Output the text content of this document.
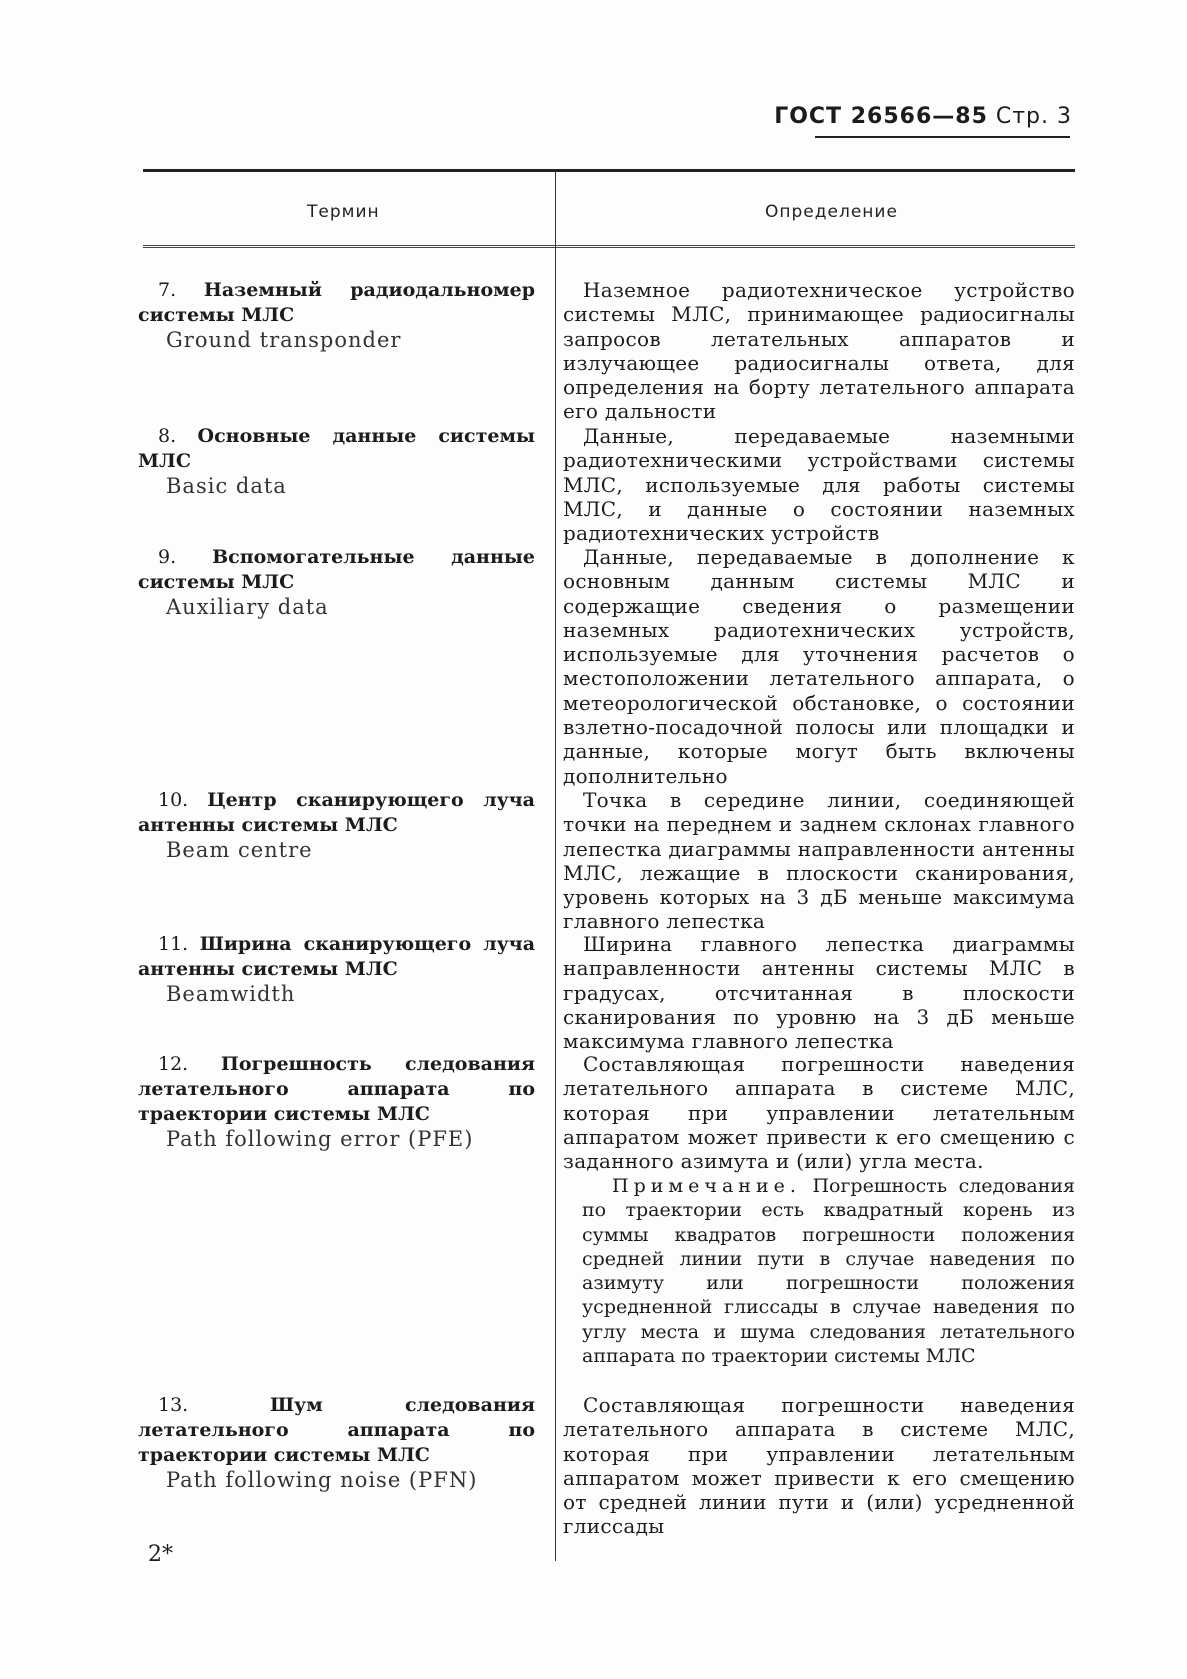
ГОСТ 26566—85 Стр. 3
Термин	Определение
7. Наземный радиодальномер системы МЛС
Ground transponder
Наземное радиотехническое устройство системы МЛС, принимающее радиосигналы запросов летательных аппаратов и излучающее радиосигналы ответа, для определения на борту летательного аппарата его дальности
8. Основные данные системы МЛС
Basic data
Данные, передаваемые наземными радиотехническими устройствами системы МЛС, используемые для работы системы МЛС, и данные о состоянии наземных радиотехнических устройств
9. Вспомогательные данные системы МЛС
Auxiliary data
Данные, передаваемые в дополнение к основным данным системы МЛС и содержащие сведения о размещении наземных радиотехнических устройств, используемые для уточнения расчетов о местоположении летательного аппарата, о метеорологической обстановке, о состоянии взлетно-посадочной полосы или площадки и данные, которые могут быть включены дополнительно
10. Центр сканирующего луча антенны системы МЛС
Beam centre
Точка в середине линии, соединяющей точки на переднем и заднем склонах главного лепестка диаграммы направленности антенны МЛС, лежащие в плоскости сканирования, уровень которых на 3 дБ меньше максимума главного лепестка
11. Ширина сканирующего луча антенны системы МЛС
Beamwidth
Ширина главного лепестка диаграммы направленности антенны системы МЛС в градусах, отсчитанная в плоскости сканирования по уровню на 3 дБ меньше максимума главного лепестка
12. Погрешность следования летательного аппарата по траектории системы МЛС
Path following error (PFE)
Составляющая погрешности наведения летательного аппарата в системе МЛС, которая при управлении летательным аппаратом может привести к его смещению с заданного азимута и (или) угла места.
Примечание. Погрешность следования по траектории есть квадратный корень из суммы квадратов погрешности положения средней линии пути в случае наведения по азимуту или погрешности положения усредненной глиссады в случае наведения по углу места и шума следования летательного аппарата по траектории системы МЛС
13.	Шум следования летательного аппарата по траектории системы МЛС
Path following noise (PFN)
Составляющая погрешности наведения летательного аппарата в системе МЛС, которая при управлении летательным аппаратом может привести к его смещению от средней линии пути и (или) усредненной глиссады
2*
